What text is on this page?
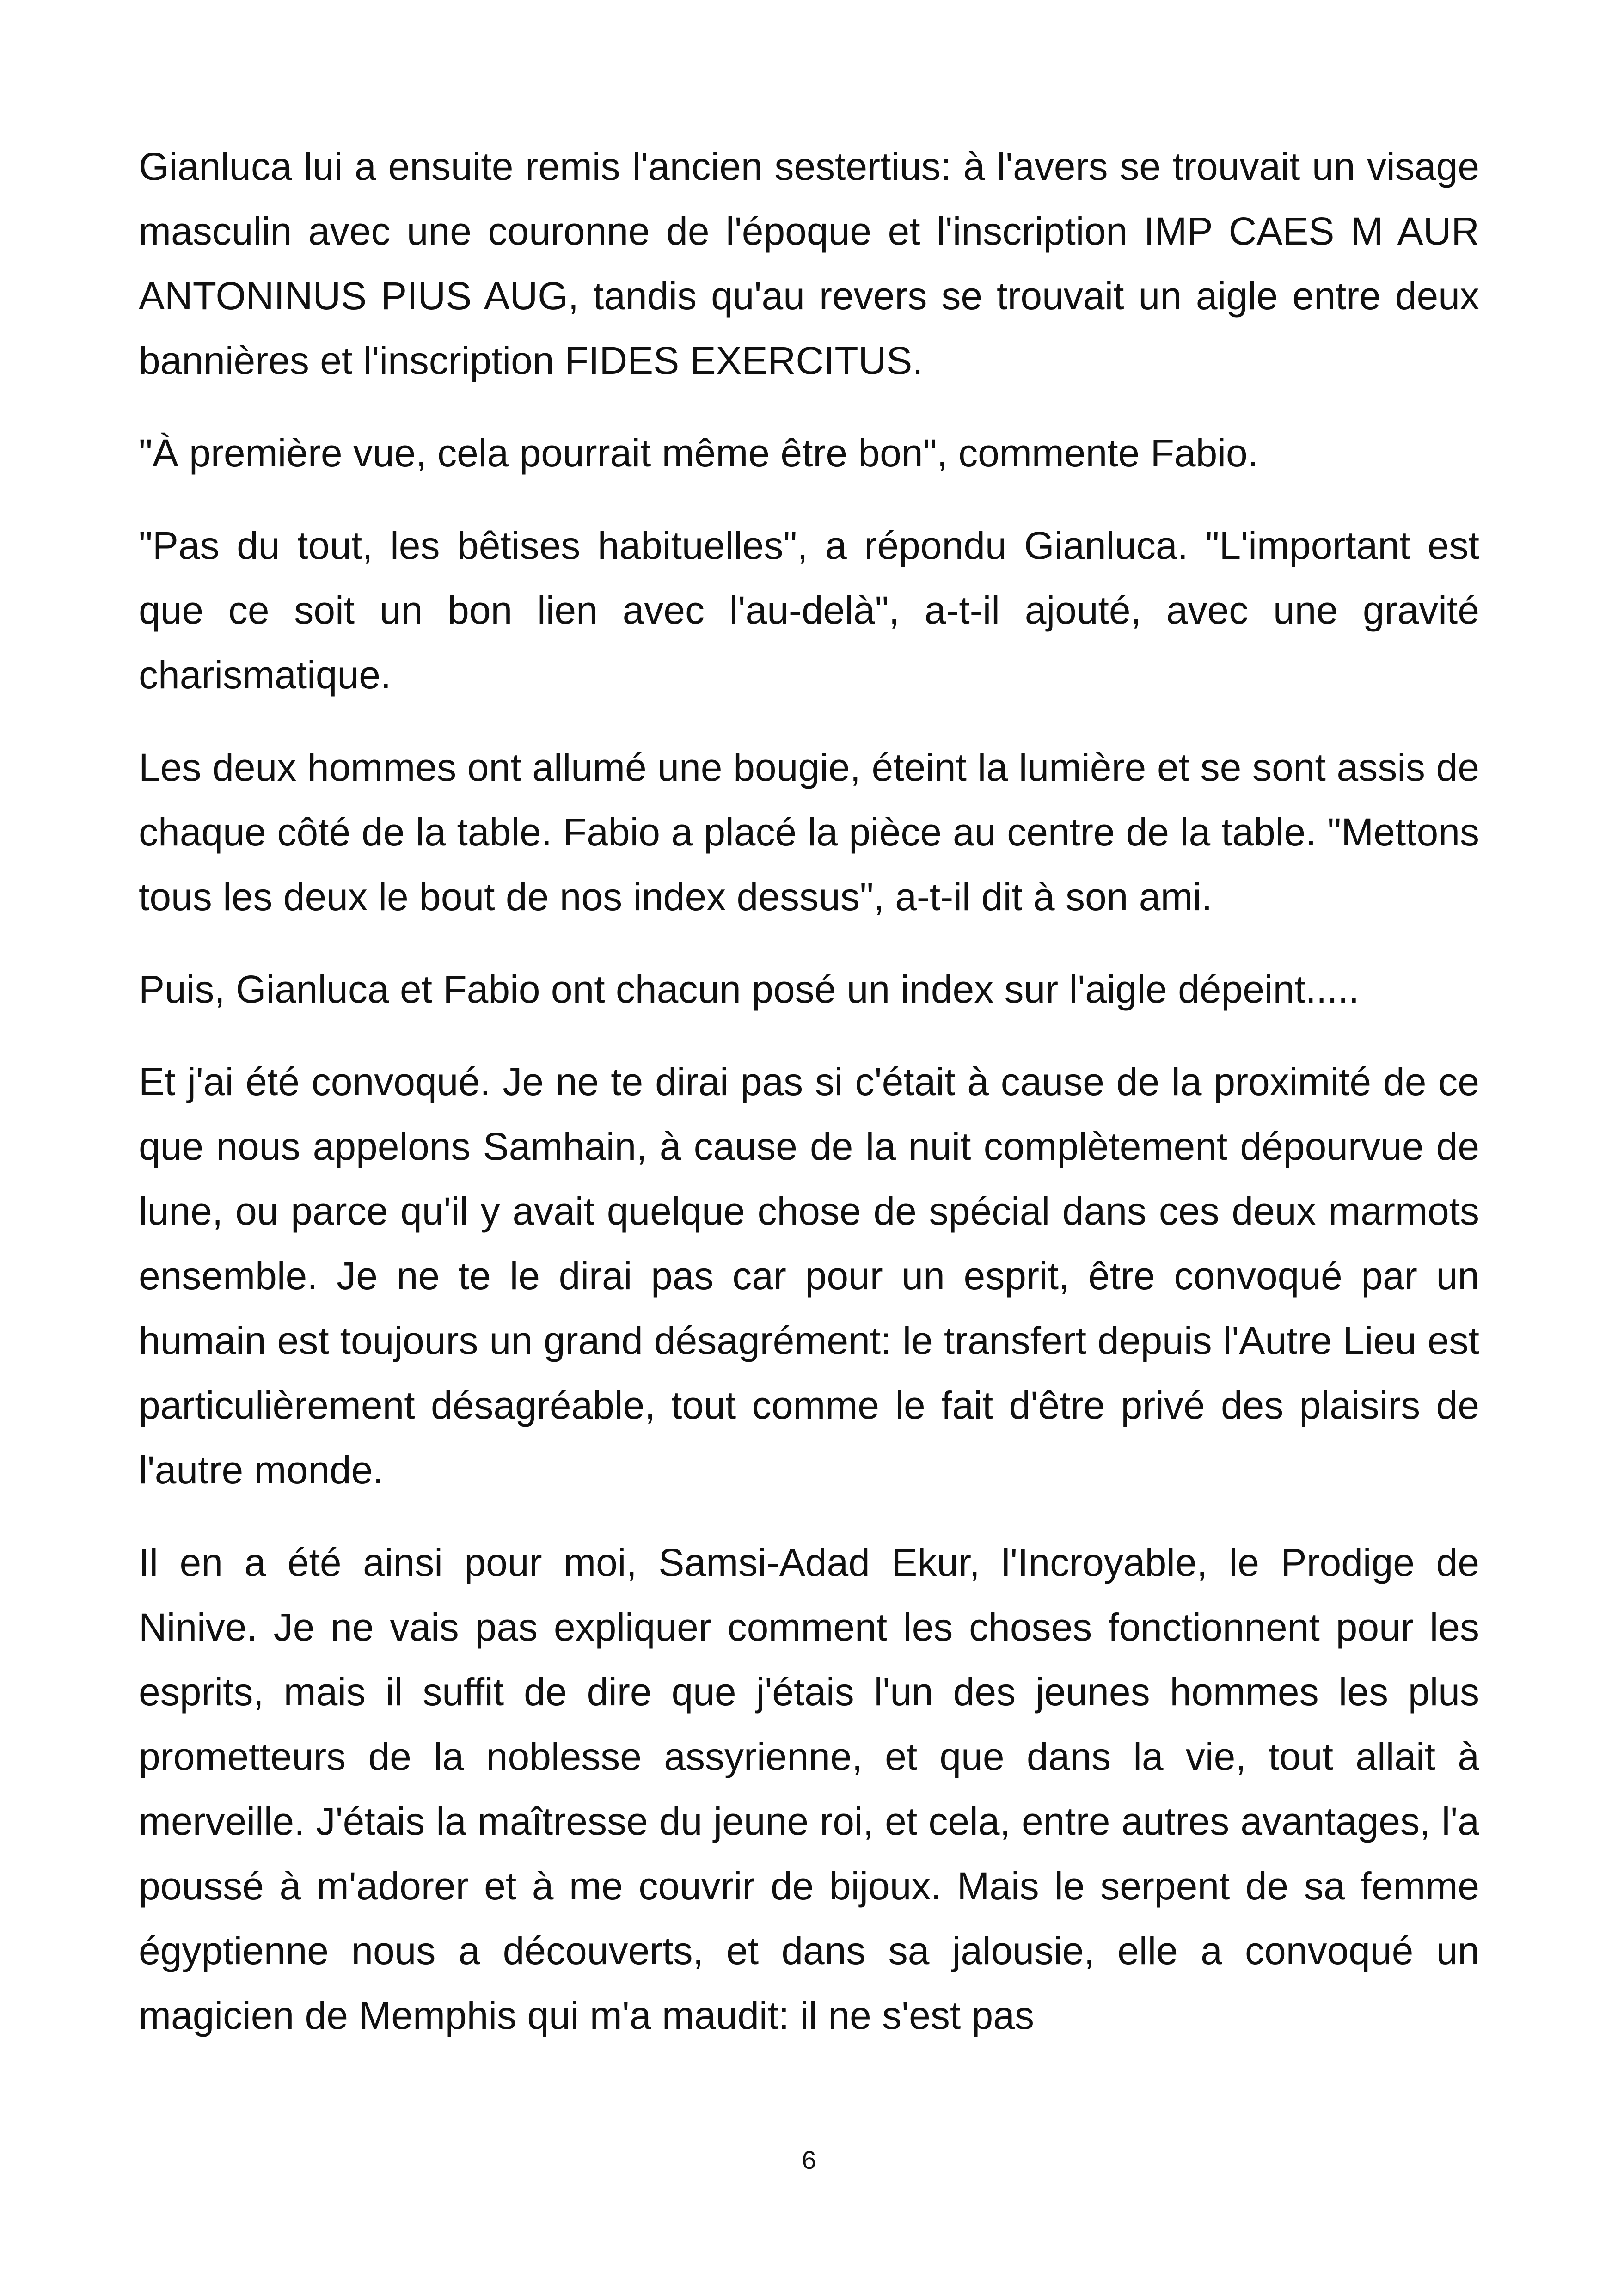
Gianluca lui a ensuite remis l'ancien sestertius: à l'avers se trouvait un visage masculin avec une couronne de l'époque et l'inscription IMP CAES M AUR ANTONINUS PIUS AUG, tandis qu'au revers se trouvait un aigle entre deux bannières et l'inscription FIDES EXERCITUS.

"À première vue, cela pourrait même être bon", commente Fabio.

"Pas du tout, les bêtises habituelles", a répondu Gianluca. "L'important est que ce soit un bon lien avec l'au-delà", a-t-il ajouté, avec une gravité charismatique.

Les deux hommes ont allumé une bougie, éteint la lumière et se sont assis de chaque côté de la table. Fabio a placé la pièce au centre de la table. "Mettons tous les deux le bout de nos index dessus", a-t-il dit à son ami.

Puis, Gianluca et Fabio ont chacun posé un index sur l'aigle dépeint.....

Et j'ai été convoqué. Je ne te dirai pas si c'était à cause de la proximité de ce que nous appelons Samhain, à cause de la nuit complètement dépourvue de lune, ou parce qu'il y avait quelque chose de spécial dans ces deux marmots ensemble. Je ne te le dirai pas car pour un esprit, être convoqué par un humain est toujours un grand désagrément: le transfert depuis l'Autre Lieu est particulièrement désagréable, tout comme le fait d'être privé des plaisirs de l'autre monde.

Il en a été ainsi pour moi, Samsi-Adad Ekur, l'Incroyable, le Prodige de Ninive. Je ne vais pas expliquer comment les choses fonctionnent pour les esprits, mais il suffit de dire que j'étais l'un des jeunes hommes les plus prometteurs de la noblesse assyrienne, et que dans la vie, tout allait à merveille. J'étais la maîtresse du jeune roi, et cela, entre autres avantages, l'a poussé à m'adorer et à me couvrir de bijoux. Mais le serpent de sa femme égyptienne nous a découverts, et dans sa jalousie, elle a convoqué un magicien de Memphis qui m'a maudit: il ne s'est pas

6
